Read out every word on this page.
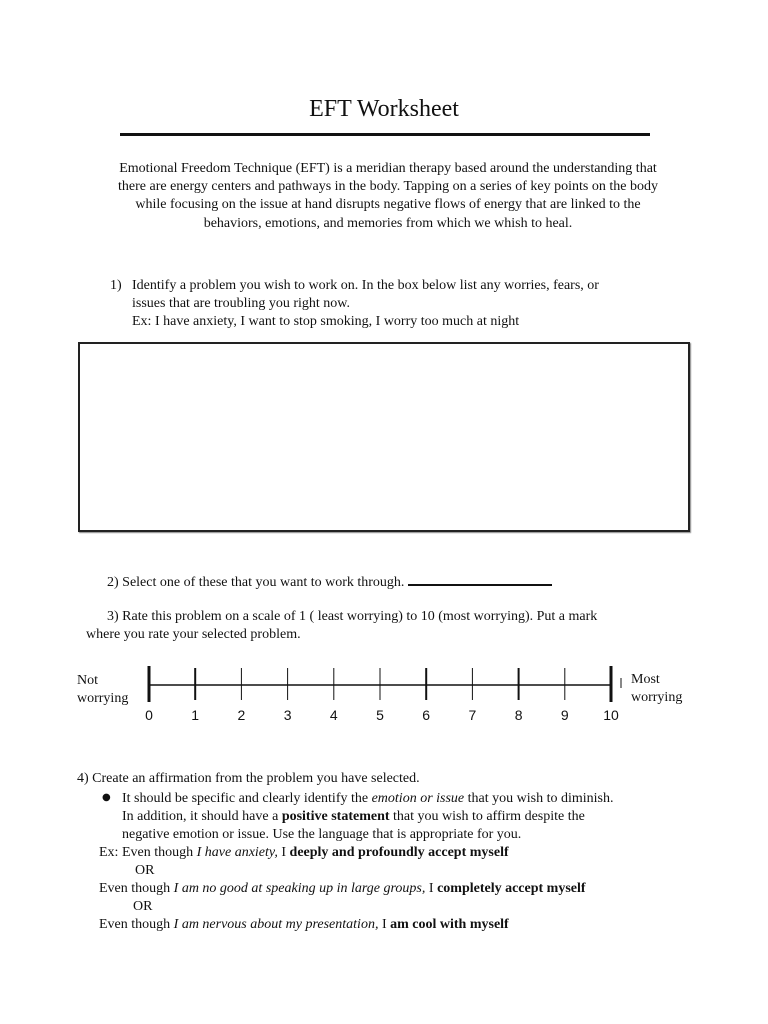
EFT Worksheet
Emotional Freedom Technique (EFT) is a meridian therapy based around the understanding that there are energy centers and pathways in the body. Tapping on a series of key points on the body while focusing on the issue at hand disrupts negative flows of energy that are linked to the behaviors, emotions, and memories from which we whish to heal.
1) Identify a problem you wish to work on. In the box below list any worries, fears, or
issues that are troubling you right now.
Ex: I have anxiety, I want to stop smoking, I worry too much at night
2) Select one of these that you want to work through.
3) Rate this problem on a scale of 1 ( least worrying) to 10 (most worrying). Put a mark
where you rate your selected problem.
Not
worrying
Most
worrying
0	1	2	3	4	5	6	7	8	9 10
4) Create an affirmation from the problem you have selected.
● It should be specific and clearly identify the emotion or issue that you wish to diminish.
In addition, it should have a positive statement that you wish to affirm despite the
negative emotion or issue. Use the language that is appropriate for you.
Ex: Even though I have anxiety, I deeply and profoundly accept myself
OR
Even though I am no good at speaking up in large groups, I completely accept myself
OR
Even though I am nervous about my presentation, I am cool with myself
